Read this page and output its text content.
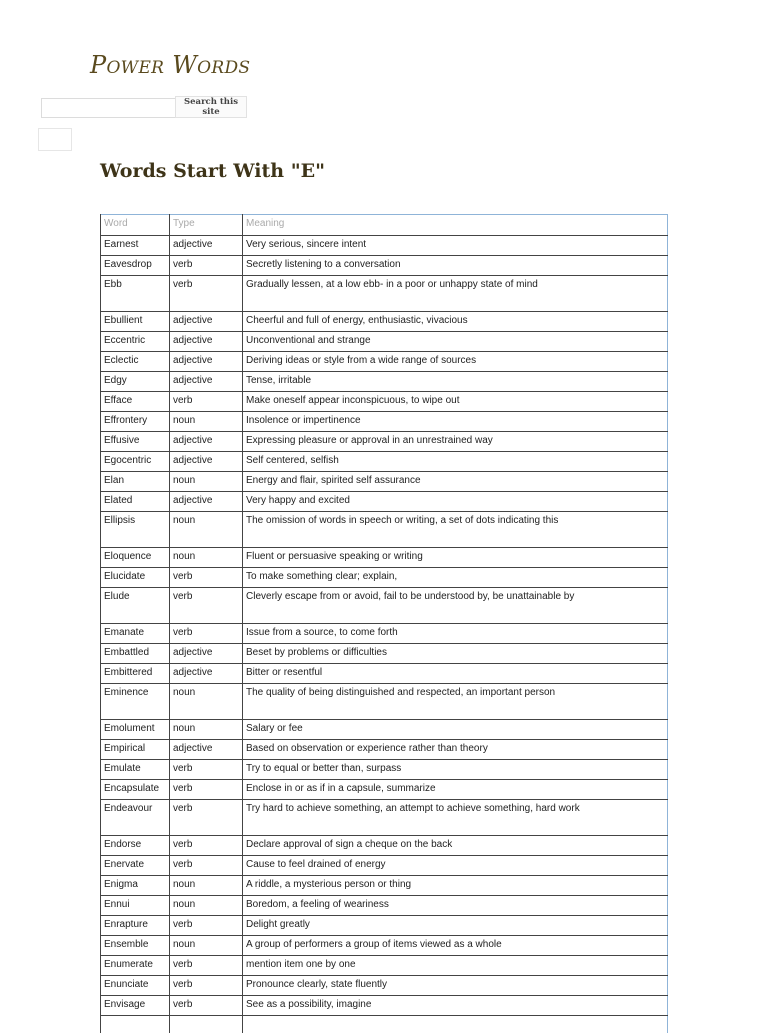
Power Words
Search this site
Words Start With "E"
Word	Type	Meaning
Earnest	adjective	Very serious, sincere intent
Eavesdrop	verb	Secretly listening to a conversation
Ebb	verb	Gradually lessen, at a low ebb- in a poor or unhappy state of mind
Ebullient	adjective	Cheerful and full of energy, enthusiastic, vivacious
Eccentric	adjective	Unconventional and strange
Eclectic	adjective	Deriving ideas or style from a wide range of sources
Edgy	adjective	Tense, irritable
Efface	verb	Make oneself appear inconspicuous, to wipe out
Effrontery	noun	Insolence or impertinence
Effusive	adjective	Expressing pleasure or approval in an unrestrained way
Egocentric	adjective	Self centered, selfish
Elan	noun	Energy and flair, spirited self assurance
Elated	adjective	Very happy and excited
Ellipsis	noun	The omission of words in speech or writing, a set of dots indicating this
Eloquence	noun	Fluent or persuasive speaking or writing
Elucidate	verb	To make something clear; explain,
Elude	verb	Cleverly escape from or avoid, fail to be understood by, be unattainable by
Emanate	verb	Issue from a source, to come forth
Embattled	adjective	Beset by problems or difficulties
Embittered	adjective	Bitter or resentful
Eminence	noun	The quality of being distinguished and respected, an important person
Emolument	noun	Salary or fee
Empirical	adjective	Based on observation or experience rather than theory
Emulate	verb	Try to equal or better than, surpass
Encapsulate	verb	Enclose in or as if in a capsule, summarize
Endeavour	verb	Try hard to achieve something, an attempt to achieve something, hard work
Endorse	verb	Declare approval of sign a cheque on the back
Enervate	verb	Cause to feel drained of energy
Enigma	noun	A riddle, a mysterious person or thing
Ennui	noun	Boredom, a feeling of weariness
Enrapture	verb	Delight greatly
Ensemble	noun	A group of performers a group of items viewed as a whole
Enumerate	verb	mention item one by one
Enunciate	verb	Pronounce clearly, state fluently
Envisage	verb	See as a possibility, imagine
